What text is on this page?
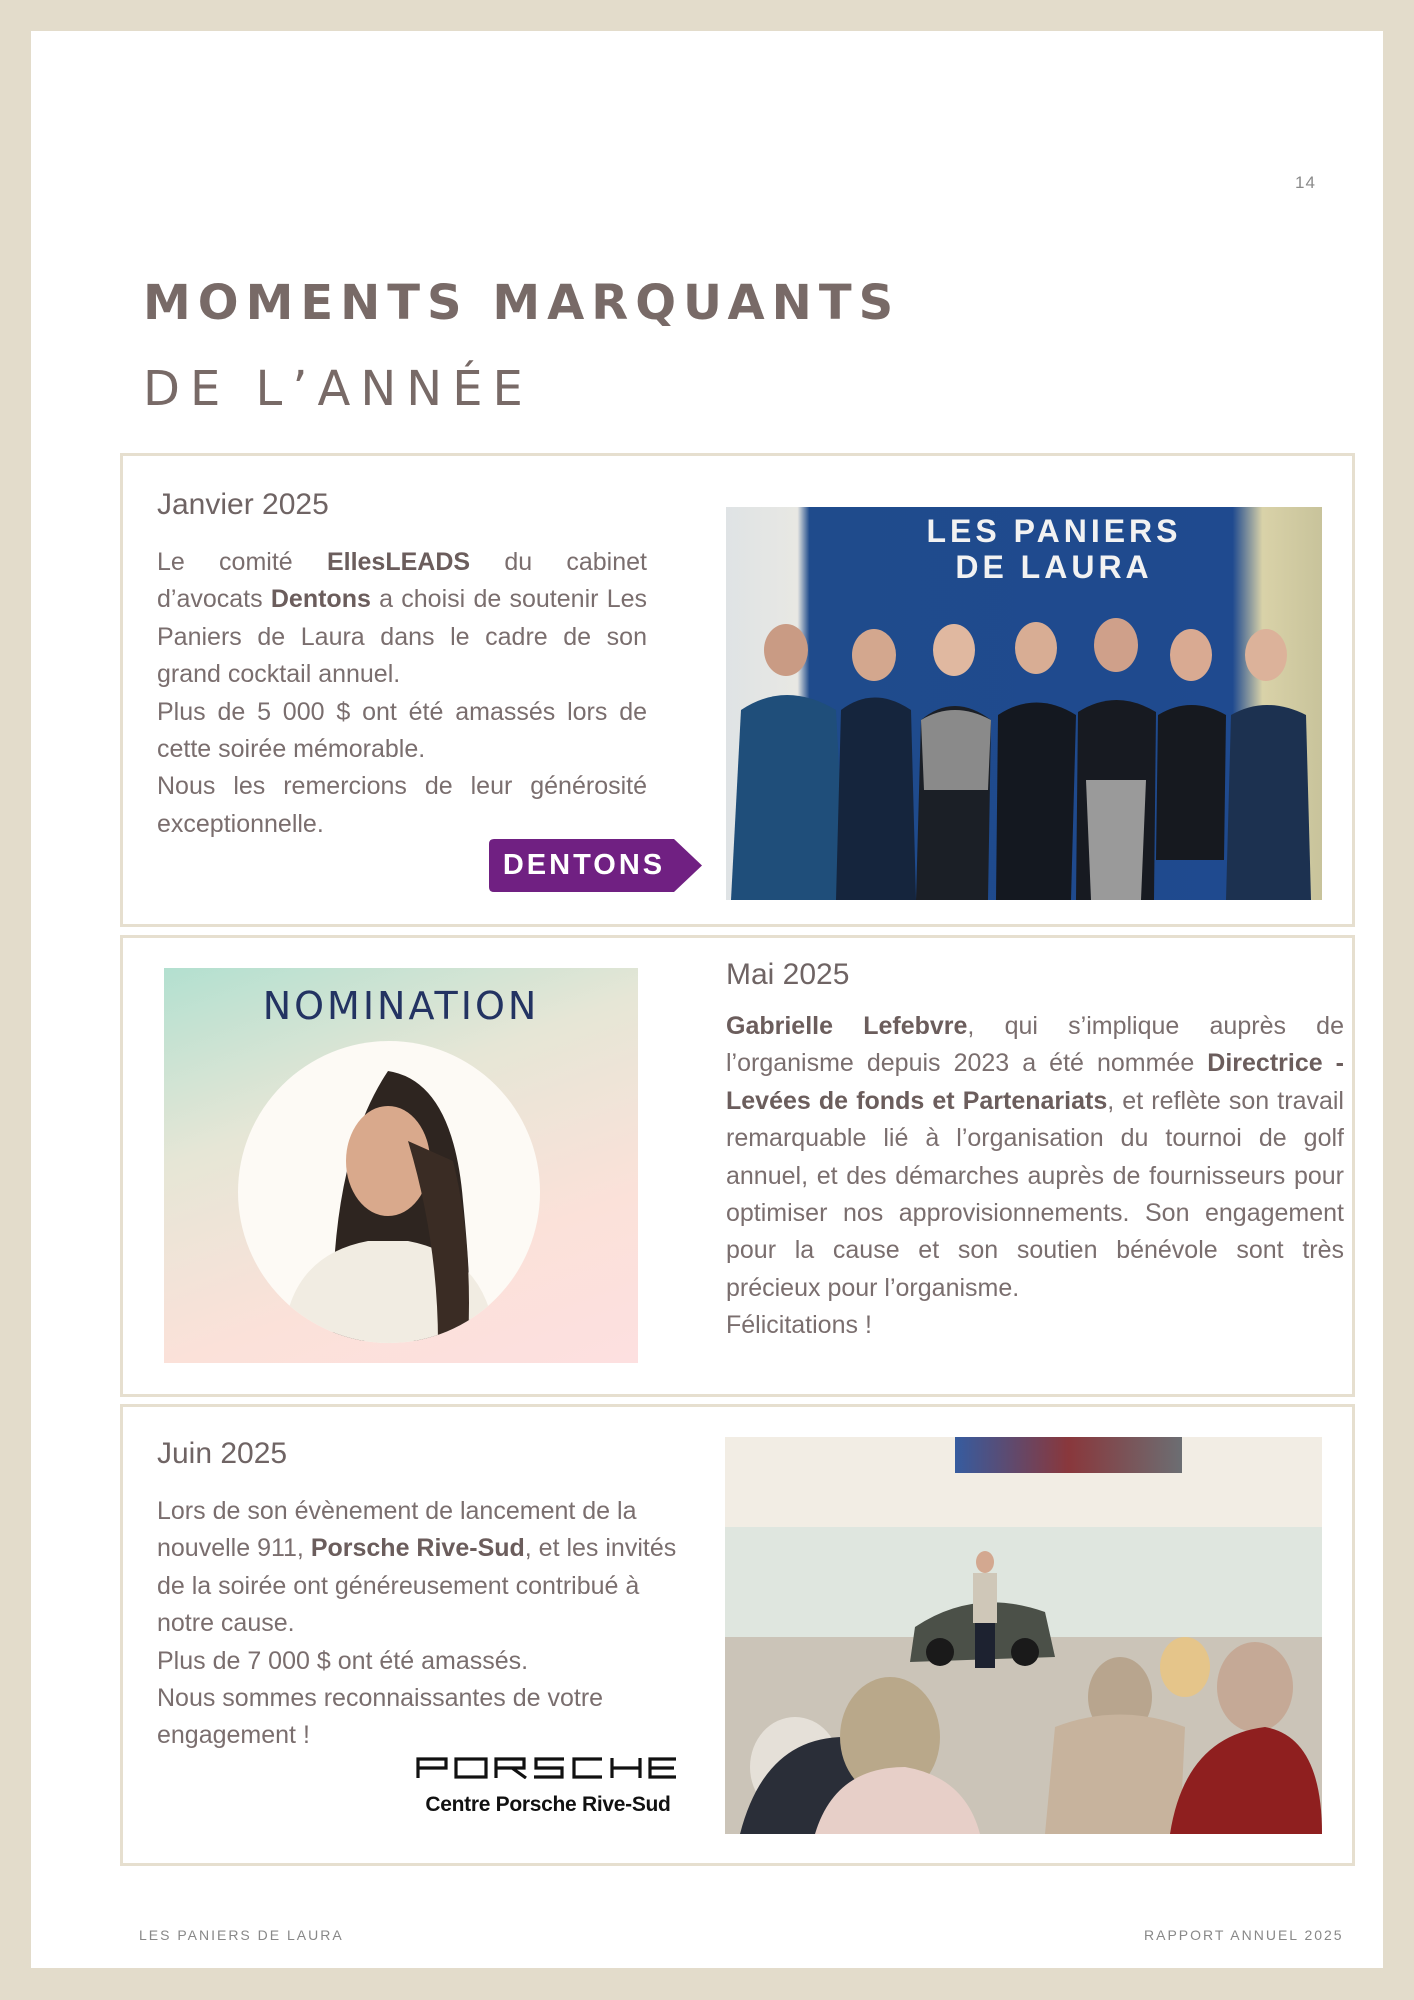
14
MOMENTS MARQUANTS
DE L’ANNÉE
Janvier 2025
Le comité EllesLEADS du cabinet d’avocats Dentons a choisi de soutenir Les Paniers de Laura dans le cadre de son grand cocktail annuel.
Plus de 5 000 $ ont été amassés lors de cette soirée mémorable.
Nous les remercions de leur générosité exceptionnelle.
DENTONS
LES PANIERS
DE LAURA
NOMINATION
Mai 2025
Gabrielle Lefebvre, qui s’implique auprès de l’organisme depuis 2023 a été nommée Directrice - Levées de fonds et Partenariats, et reflète son travail remarquable lié à l’organisation du tournoi de golf annuel, et des démarches auprès de fournisseurs pour optimiser nos approvisionnements. Son engagement pour la cause et son soutien bénévole sont très précieux pour l’organisme.
Félicitations !
Juin 2025
Lors de son évènement de lancement de la nouvelle 911, Porsche Rive-Sud, et les invités de la soirée ont généreusement contribué à notre cause.
Plus de 7 000 $ ont été amassés.
Nous sommes reconnaissantes de votre engagement !
Centre Porsche Rive-Sud
LES PANIERS DE LAURA	RAPPORT ANNUEL 2025
